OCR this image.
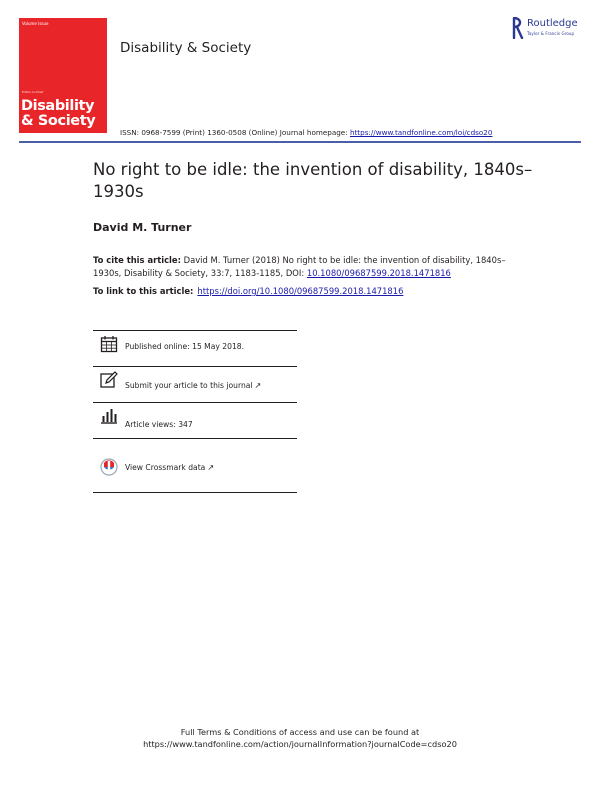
Volume Issue
Editor-in-Chief
Disability
& Society
Disability & Society
Routledge
Taylor & Francis Group
ISSN: 0968-7599 (Print) 1360-0508 (Online) Journal homepage: https://www.tandfonline.com/loi/cdso20
No right to be idle: the invention of disability, 1840s–1930s
David M. Turner
To cite this article: David M. Turner (2018) No right to be idle: the invention of disability, 1840s–1930s, Disability & Society, 33:7, 1183-1185, DOI: 10.1080/09687599.2018.1471816
To link to this article: https://doi.org/10.1080/09687599.2018.1471816
Published online: 15 May 2018.
Submit your article to this journal ↗
Article views: 347
View Crossmark data ↗
Full Terms & Conditions of access and use can be found at
https://www.tandfonline.com/action/journalInformation?journalCode=cdso20
